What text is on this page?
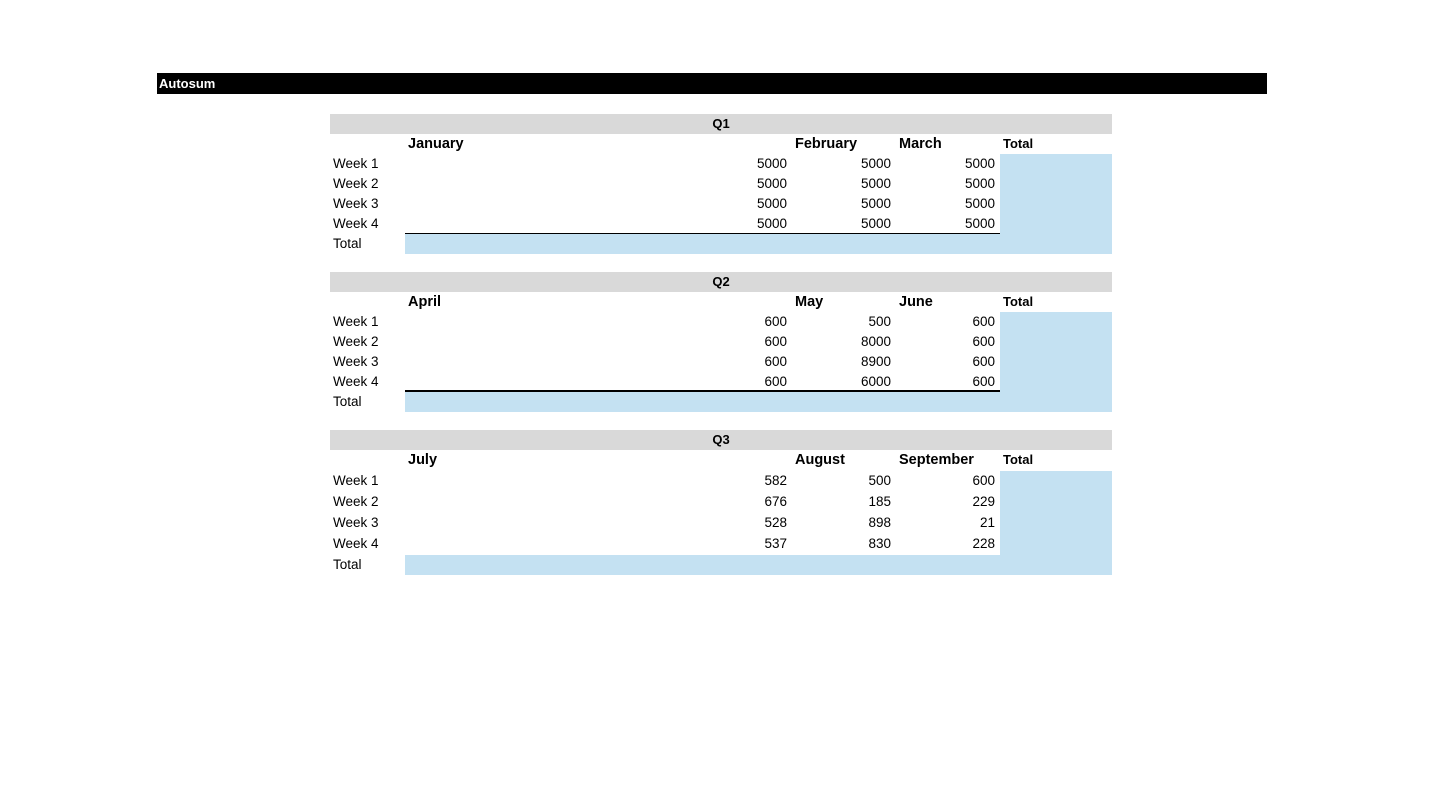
Autosum
Q1
January	February	March	Total
Week 1	5000	5000	5000
Week 2	5000	5000	5000
Week 3	5000	5000	5000
Week 4	5000	5000	5000
Total
Q2
April	May	June	Total
Week 1	600	500	600
Week 2	600	8000	600
Week 3	600	8900	600
Week 4	600	6000	600
Total
Q3
July	August	September	Total
Week 1	582	500	600
Week 2	676	185	229
Week 3	528	898	21
Week 4	537	830	228
Total
